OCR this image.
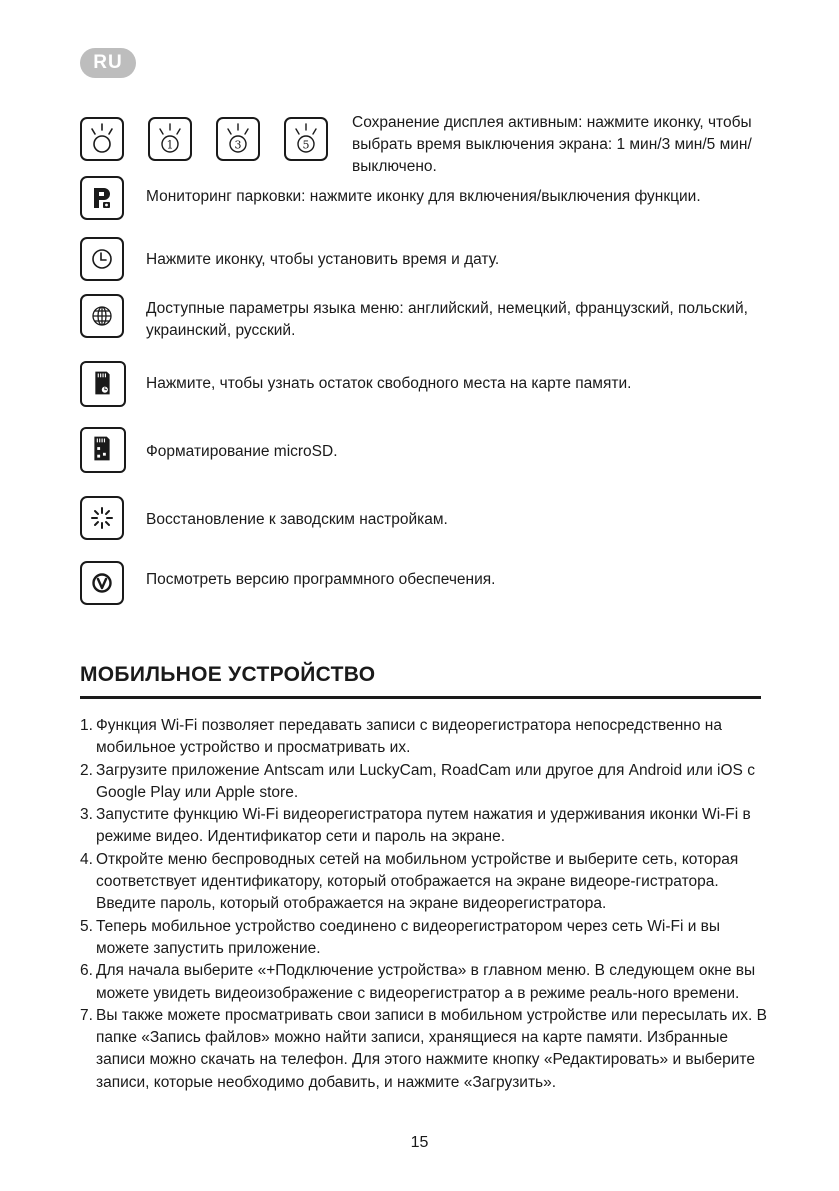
RU
1	3	5
Сохранение дисплея активным: нажмите иконку, чтобы выбрать время выключения экрана: 1 мин/3 мин/5 мин/выключено.
Мониторинг парковки: нажмите иконку для включения/выключения функции.
Нажмите иконку, чтобы установить время и дату.
Доступные параметры языка меню: английский, немецкий, французский, польский, украинский, русский.
Нажмите, чтобы узнать остаток свободного места на карте памяти.
Форматирование microSD.
Восстановление к заводским настройкам.
Посмотреть версию программного обеспечения.
МОБИЛЬНОЕ УСТРОЙСТВО
1. Функция Wi-Fi позволяет передавать записи с видеорегистратора непосредственно на мобильное устройство и просматривать их.
2. Загрузите приложение Antscam или LuckyCam, RoadCam или другое для Android или iOS с Google Play или Apple store.
3. Запустите функцию Wi-Fi видеорегистратора путем нажатия и удерживания иконки Wi-Fi в режиме видео. Идентификатор сети и пароль на экране.
4. Откройте меню беспроводных сетей на мобильном устройстве и выберите сеть, которая соответствует идентификатору, который отображается на экране видеоре-гистратора. Введите пароль, который отображается на экране видеорегистратора.
5. Теперь мобильное устройство соединено с видеорегистратором через сеть Wi-Fi и вы можете запустить приложение.
6. Для начала выберите «+Подключение устройства» в главном меню. В следующем окне вы можете увидеть видеоизображение с видеорегистратор а в режиме реаль-ного времени.
7. Вы также можете просматривать свои записи в мобильном устройстве или пересылать их. В папке «Запись файлов» можно найти записи, хранящиеся на карте памяти. Избранные записи можно скачать на телефон. Для этого нажмите кнопку «Редактировать» и выберите записи, которые необходимо добавить, и нажмите «Загрузить».
15
